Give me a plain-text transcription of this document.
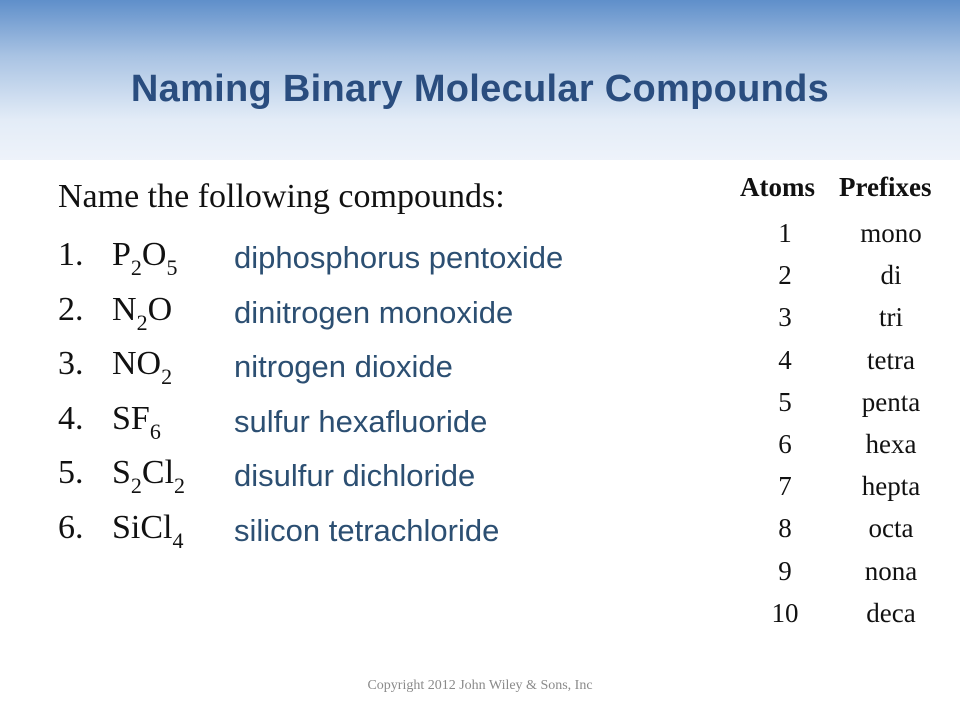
Naming Binary Molecular Compounds
Name the following compounds:
1. $P_2O_5$ diphosphorus pentoxide
2. $N_2O$ dinitrogen monoxide
3. $NO_2$ nitrogen dioxide
4. $SF_6$ sulfur hexafluoride
5. $S_2Cl_2$ disulfur dichloride
6. SiCl$_4$ silicon tetrachloride
Atoms Prefixes
1	mono
2	di
3	tri
4	tetra
5	penta
6	hexa
7	hepta
8	octa
9	nona
10	deca
Copyright 2012 John Wiley & Sons, Inc
